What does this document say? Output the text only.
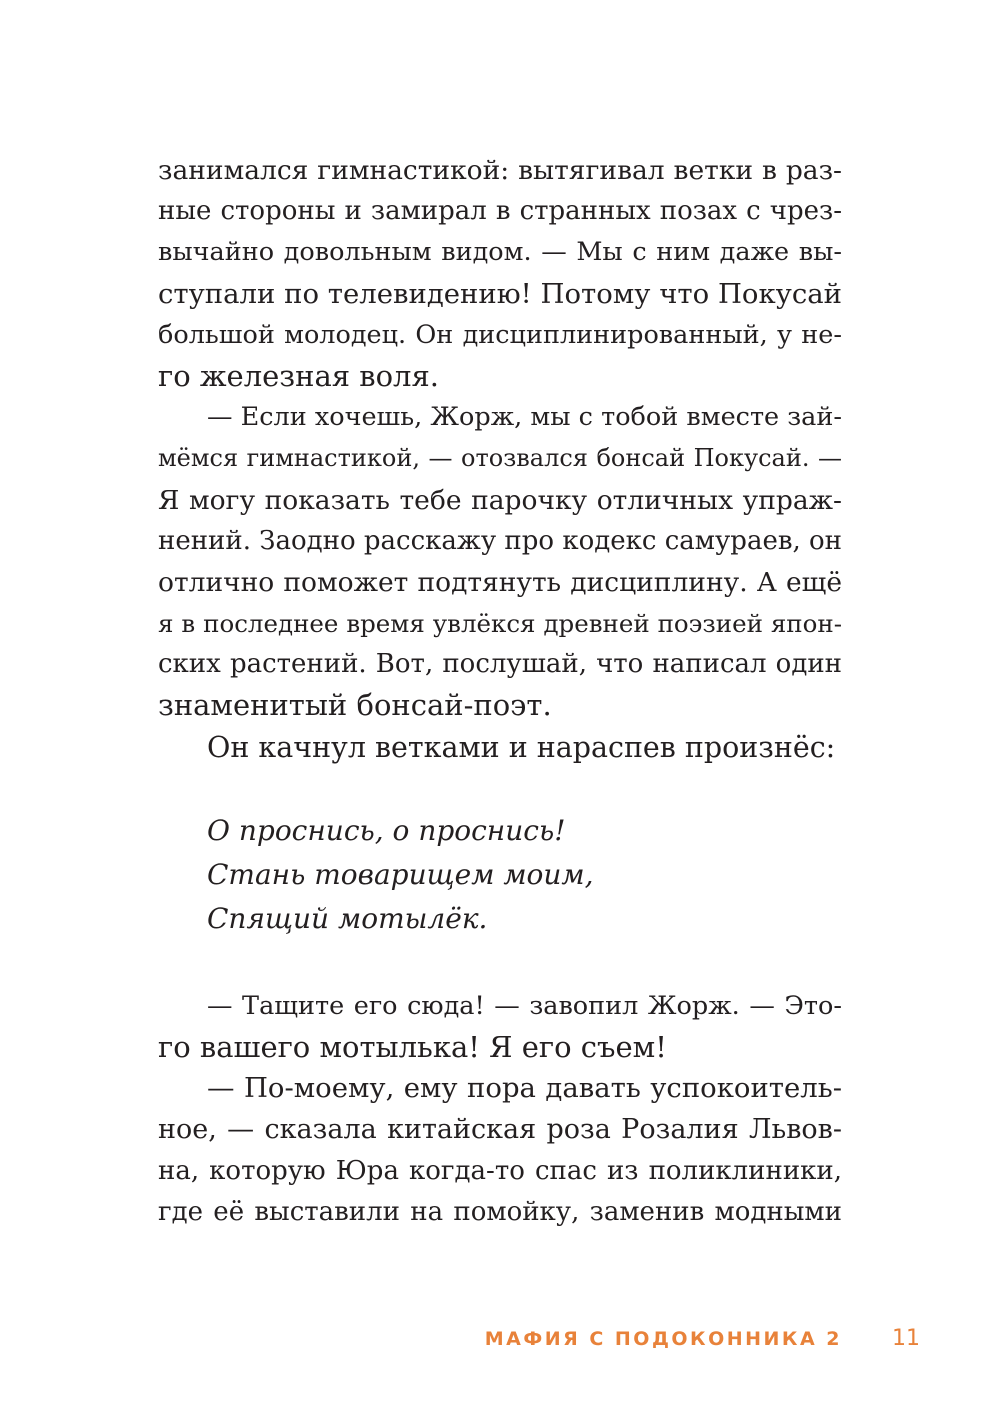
занимался гимнастикой: вытягивал ветки в раз-
ные стороны и замирал в странных позах с чрез-
вычайно довольным видом. — Мы с ним даже вы-
ступали по телевидению! Потому что Покусай
большой молодец. Он дисциплинированный, у не-
го железная воля.
— Если хочешь, Жорж, мы с тобой вместе зай-
мёмся гимнастикой, — отозвался бонсай Покусай. —
Я могу показать тебе парочку отличных упраж-
нений. Заодно расскажу про кодекс самураев, он
отлично поможет подтянуть дисциплину. А ещё
я в последнее время увлёкся древней поэзией япон-
ских растений. Вот, послушай, что написал один
знаменитый бонсай-поэт.
Он качнул ветками и нараспев произнёс:
О проснись, о проснись!
Стань товарищем моим,
Спящий мотылёк.
— Тащите его сюда! — завопил Жорж. — Это-
го вашего мотылька! Я его съем!
— По-моему, ему пора давать успокоитель-
ное, — сказала китайская роза Розалия Львов-
на, которую Юра когда-то спас из поликлиники,
где её выставили на помойку, заменив модными
МАФИЯ С ПОДОКОННИКА 2 11
